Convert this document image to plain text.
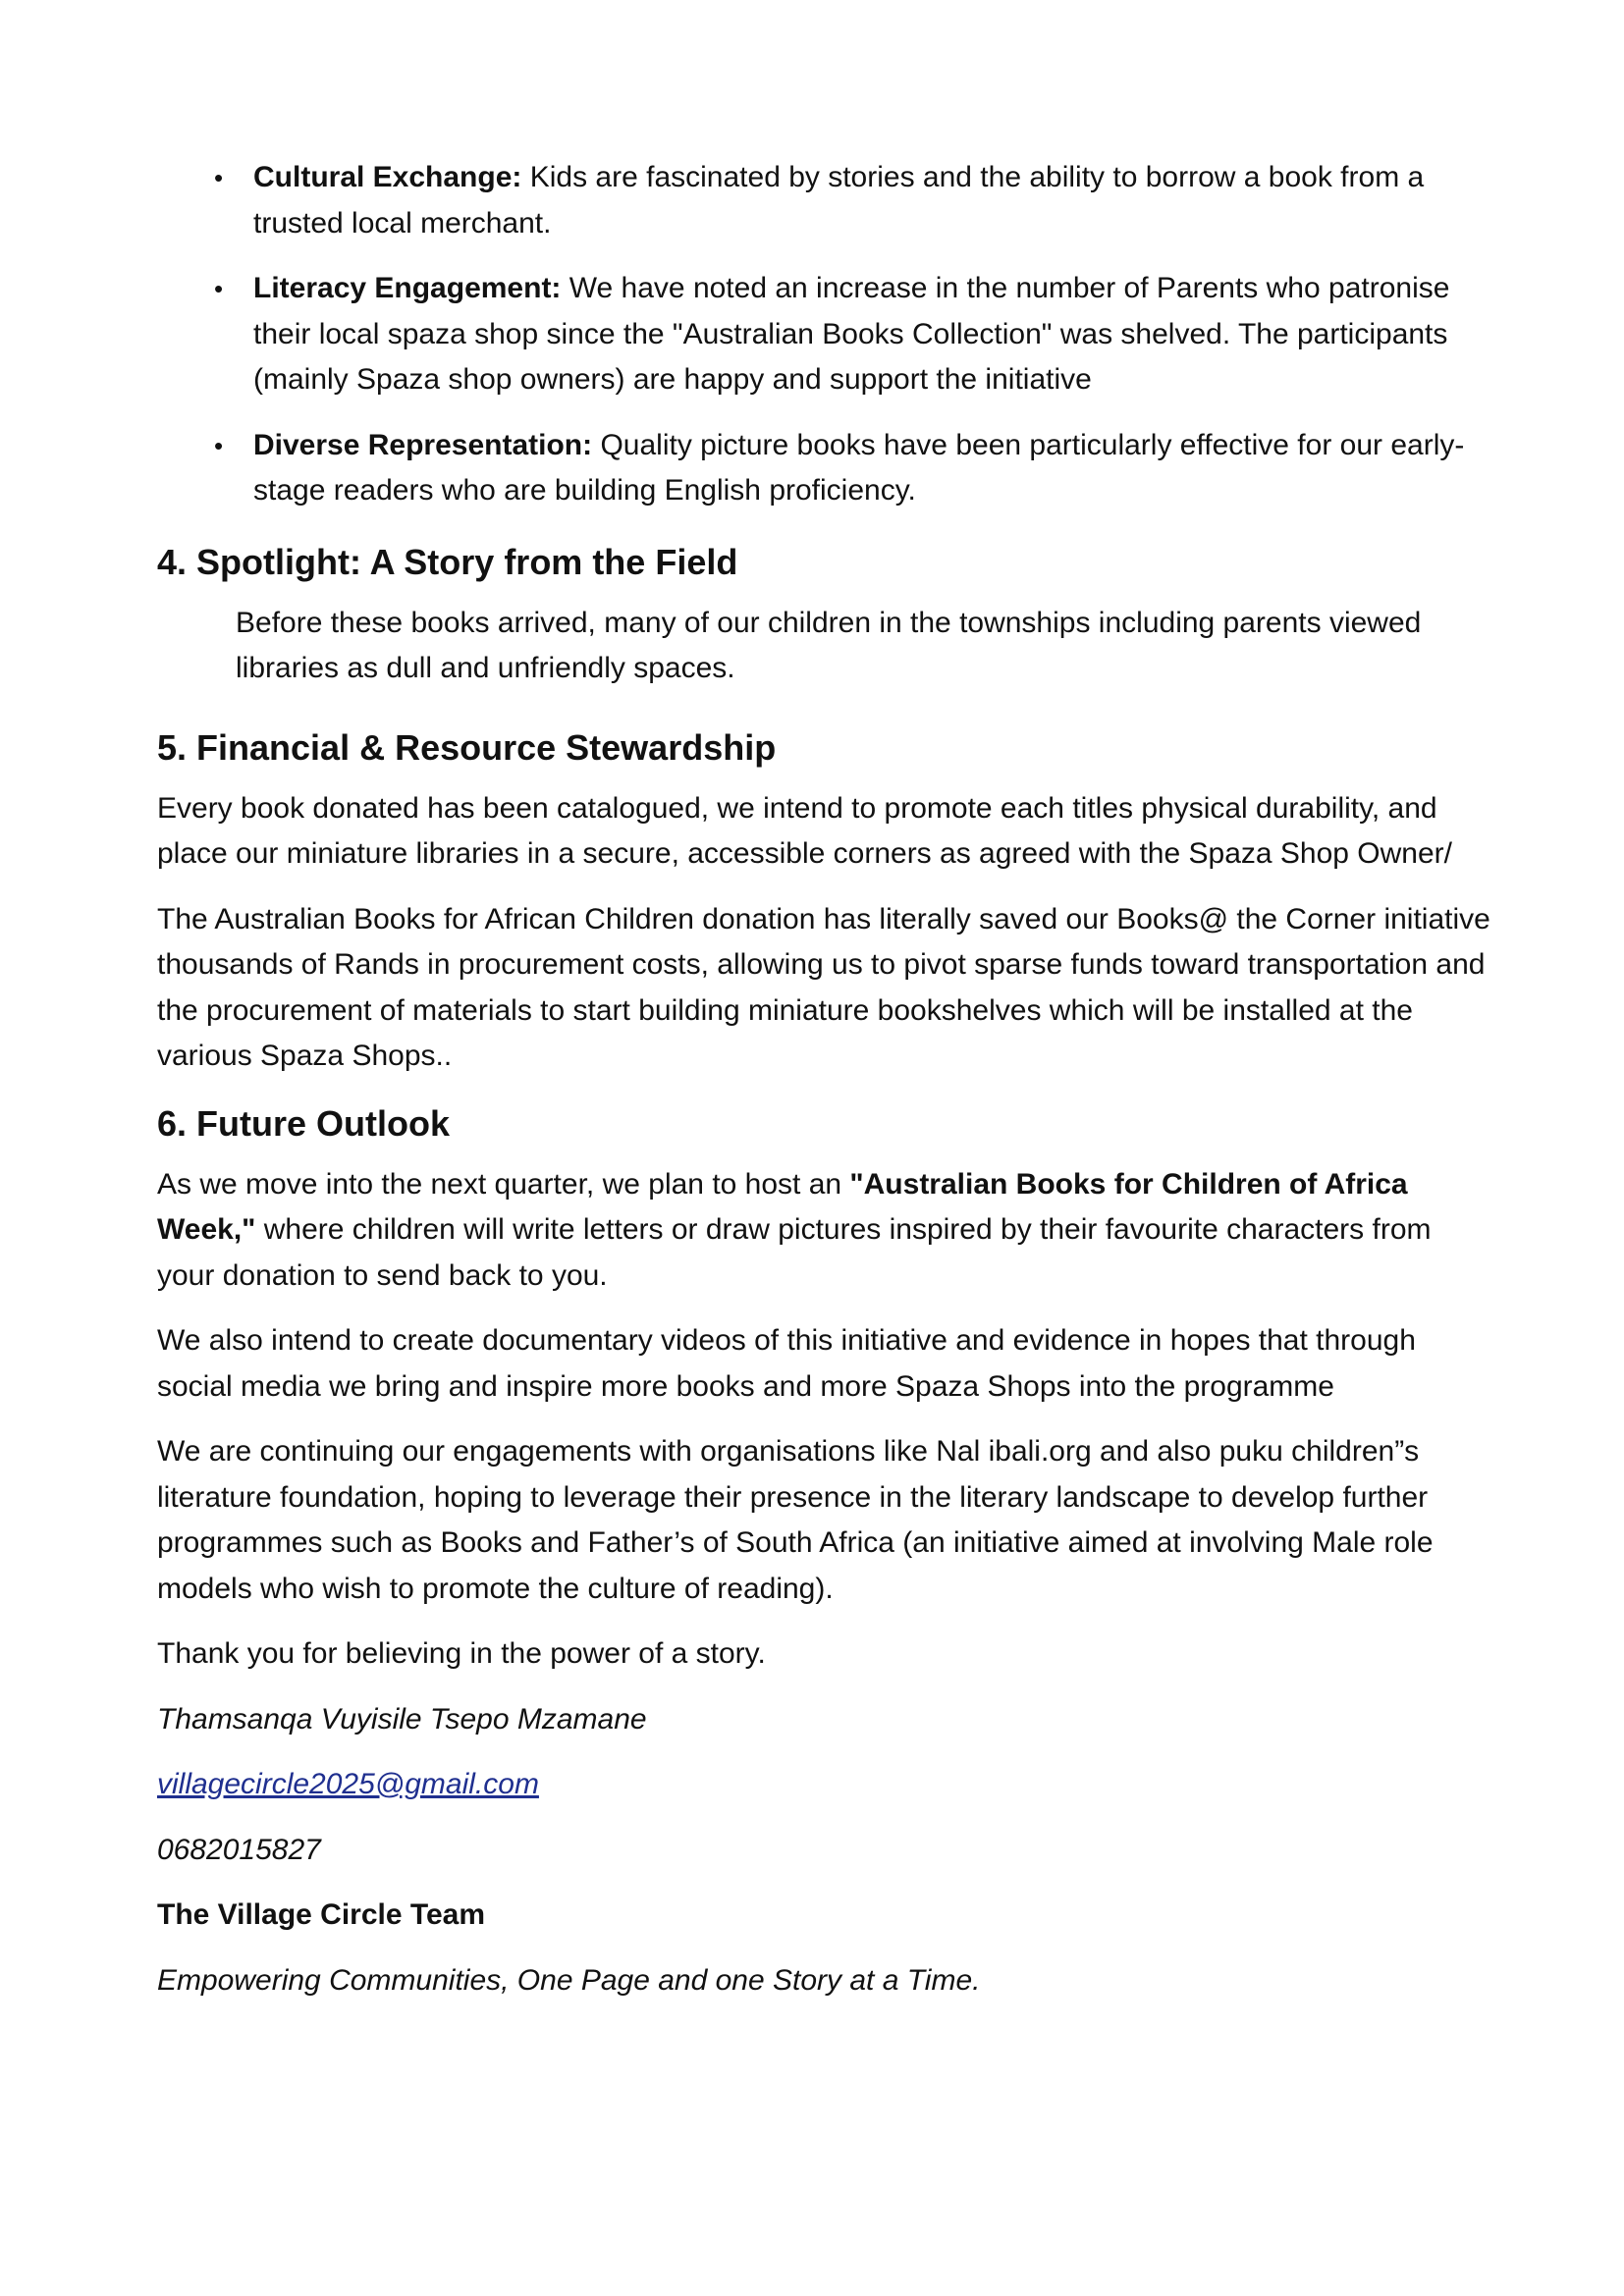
• Cultural Exchange: Kids are fascinated by stories and the ability to borrow a book from a trusted local merchant.
• Literacy Engagement: We have noted an increase in the number of Parents who patronise their local spaza shop since the "Australian Books Collection" was shelved. The participants (mainly Spaza shop owners) are happy and support the initiative
• Diverse Representation: Quality picture books have been particularly effective for our early-stage readers who are building English proficiency.
4. Spotlight: A Story from the Field

Before these books arrived, many of our children in the townships including parents viewed libraries as dull and unfriendly spaces.

5. Financial & Resource Stewardship

Every book donated has been catalogued, we intend to promote each titles physical durability, and place our miniature libraries in a secure, accessible corners as agreed with the Spaza Shop Owner/

The Australian Books for African Children donation has literally saved our Books@ the Corner initiative thousands of Rands in procurement costs, allowing us to pivot sparse funds toward transportation and the procurement of materials to start building miniature bookshelves which will be installed at the various Spaza Shops..

6. Future Outlook

As we move into the next quarter, we plan to host an "Australian Books for Children of Africa Week," where children will write letters or draw pictures inspired by their favourite characters from your donation to send back to you.

We also intend to create documentary videos of this initiative and evidence in hopes that through social media we bring and inspire more books and more Spaza Shops into the programme

We are continuing our engagements with organisations like Nal ibali.org and also puku children”s literature foundation, hoping to leverage their presence in the literary landscape to develop further programmes such as Books and Father’s of South Africa (an initiative aimed at involving Male role models who wish to promote the culture of reading).

Thank you for believing in the power of a story.

Thamsanqa Vuyisile Tsepo Mzamane

villagecircle2025@gmail.com

0682015827

The Village Circle Team

Empowering Communities, One Page and one Story at a Time.
